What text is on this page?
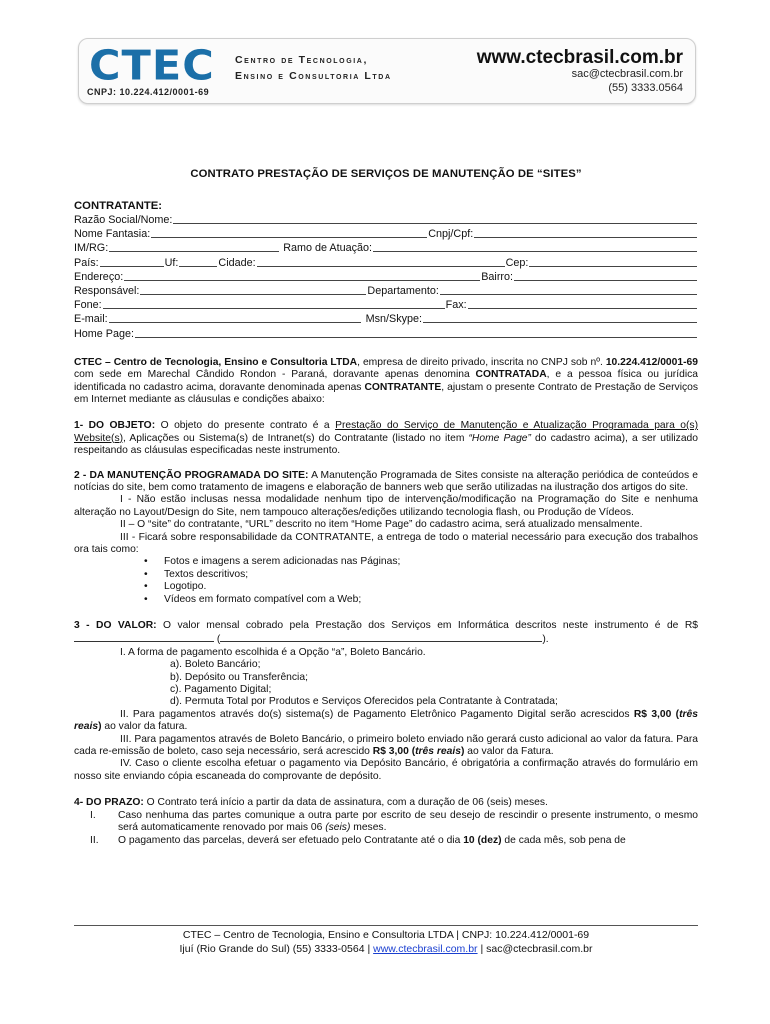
CTEC
CNPJ: 10.224.412/0001-69
Centro de Tecnologia,
Ensino e Consultoria Ltda
www.ctecbrasil.com.br
sac@ctecbrasil.com.br
(55) 3333.0564
CONTRATO PRESTAÇÃO DE SERVIÇOS DE MANUTENÇÃO DE “SITES”
CONTRATANTE:
Razão Social/Nome:
Nome Fantasia:	Cnpj/Cpf:
IM/RG:	Ramo de Atuação:
País:	Uf:	Cidade:	Cep:
Endereço:	Bairro:
Responsável:	Departamento:
Fone:	Fax:
E-mail:	Msn/Skype:
Home Page:

CTEC – Centro de Tecnologia, Ensino e Consultoria LTDA, empresa de direito privado, inscrita no CNPJ sob nº. 10.224.412/0001-69 com sede em Marechal Cândido Rondon - Paraná, doravante apenas denomina CONTRATADA, e a pessoa física ou jurídica identificada no cadastro acima, doravante denominada apenas CONTRATANTE, ajustam o presente Contrato de Prestação de Serviços em Internet mediante as cláusulas e condições abaixo:

1- DO OBJETO: O objeto do presente contrato é a Prestação do Serviço de Manutenção e Atualização Programada para o(s) Website(s), Aplicações ou Sistema(s) de Intranet(s) do Contratante (listado no item “Home Page” do cadastro acima), a ser utilizado respeitando as cláusulas especificadas neste instrumento.

2 - DA MANUTENÇÃO PROGRAMADA DO SITE: A Manutenção Programada de Sites consiste na alteração periódica de conteúdos e notícias do site, bem como tratamento de imagens e elaboração de banners web que serão utilizadas na ilustração dos artigos do site.

I - Não estão inclusas nessa modalidade nenhum tipo de intervenção/modificação na Programação do Site e nenhuma alteração no Layout/Design do Site, nem tampouco alterações/edições utilizando tecnologia flash, ou Produção de Vídeos.

II – O “site” do contratante, “URL” descrito no item “Home Page” do cadastro acima, será atualizado mensalmente.

III - Ficará sobre responsabilidade da CONTRATANTE, a entrega de todo o material necessário para execução dos trabalhos ora tais como:

• Fotos e imagens a serem adicionadas nas Páginas;
• Textos descritivos;
• Logotipo.
• Vídeos em formato compatível com a Web;

3 - DO VALOR: O valor mensal cobrado pela Prestação dos Serviços em Informática descritos neste instrumento é de R$  (	).

I. A forma de pagamento escolhida é a Opção “a”, Boleto Bancário.

a). Boleto Bancário;

b). Depósito ou Transferência;

c). Pagamento Digital;

d). Permuta Total por Produtos e Serviços Oferecidos pela Contratante à Contratada;

II. Para pagamentos através do(s) sistema(s) de Pagamento Eletrônico Pagamento Digital serão acrescidos R$ 3,00 (três reais) ao valor da fatura.

III. Para pagamentos através de Boleto Bancário, o primeiro boleto enviado não gerará custo adicional ao valor da fatura. Para cada re-emissão de boleto, caso seja necessário, será acrescido R$ 3,00 (três reais) ao valor da Fatura.

IV. Caso o cliente escolha efetuar o pagamento via Depósito Bancário, é obrigatória a confirmação através do formulário em nosso site enviando cópia escaneada do comprovante de depósito.

4- DO PRAZO: O Contrato terá início a partir da data de assinatura, com a duração de 06 (seis) meses.

I.	Caso nenhuma das partes comunique a outra parte por escrito de seu desejo de rescindir o presente instrumento, o mesmo será automaticamente renovado por mais 06 (seis) meses.
II.	O pagamento das parcelas, deverá ser efetuado pelo Contratante até o dia 10 (dez) de cada mês, sob pena de
CTEC – Centro de Tecnologia, Ensino e Consultoria LTDA | CNPJ: 10.224.412/0001-69
Ijuí (Rio Grande do Sul) (55) 3333-0564 | www.ctecbrasil.com.br | sac@ctecbrasil.com.br
